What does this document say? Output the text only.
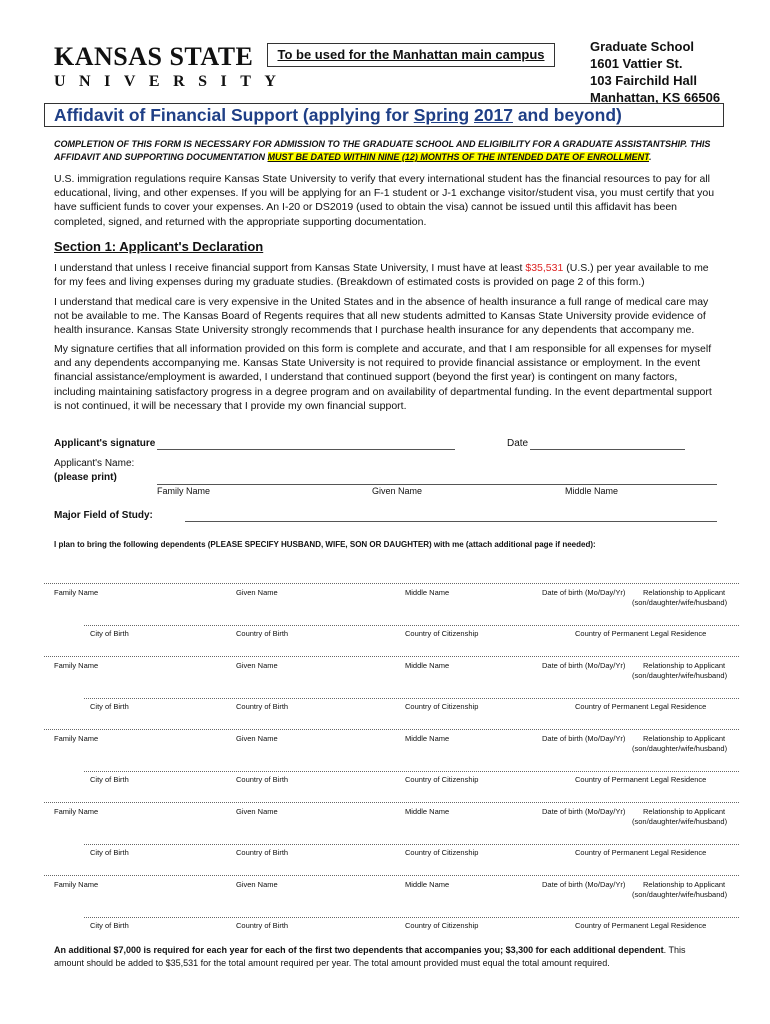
KANSAS STATE
UNIVERSITY
To be used for the Manhattan main campus
Graduate School
1601 Vattier St.
103 Fairchild Hall
Manhattan, KS 66506
Affidavit of Financial Support (applying for Spring 2017 and beyond)
COMPLETION OF THIS FORM IS NECESSARY FOR ADMISSION TO THE GRADUATE SCHOOL AND ELIGIBILITY FOR A GRADUATE ASSISTANTSHIP. THIS AFFIDAVIT AND SUPPORTING DOCUMENTATION MUST BE DATED WITHIN NINE (12) MONTHS OF THE INTENDED DATE OF ENROLLMENT.
U.S. immigration regulations require Kansas State University to verify that every international student has the financial resources to pay for all educational, living, and other expenses. If you will be applying for an F-1 student or J-1 exchange visitor/student visa, you must certify that you have sufficient funds to cover your expenses. An I-20 or DS2019 (used to obtain the visa) cannot be issued until this affidavit has been completed, signed, and returned with the appropriate supporting documentation.
Section 1: Applicant's Declaration
I understand that unless I receive financial support from Kansas State University, I must have at least $35,531 (U.S.) per year available to me for my fees and living expenses during my graduate studies. (Breakdown of estimated costs is provided on page 2 of this form.)
I understand that medical care is very expensive in the United States and in the absence of health insurance a full range of medical care may not be available to me. The Kansas Board of Regents requires that all new students admitted to Kansas State University provide evidence of health insurance. Kansas State University strongly recommends that I purchase health insurance for any dependents that accompany me.
My signature certifies that all information provided on this form is complete and accurate, and that I am responsible for all expenses for myself and any dependents accompanying me. Kansas State University is not required to provide financial assistance or employment. In the event financial assistance/employment is awarded, I understand that continued support (beyond the first year) is contingent on many factors, including maintaining satisfactory progress in a degree program and on availability of departmental funding. In the event departmental support is not continued, it will be necessary that I provide my own financial support.
Applicant's signature	Date
Applicant's Name:
(please print)
Family Name	Given Name	Middle Name
Major Field of Study:
I plan to bring the following dependents (PLEASE SPECIFY HUSBAND, WIFE, SON OR DAUGHTER) with me (attach additional page if needed):
Family Name	Given Name	Middle Name	Date of birth (Mo/Day/Yr) Relationship to Applicant
(son/daughter/wife/husband)
City of Birth	Country of Birth	Country of Citizenship	Country of Permanent Legal Residence
Family Name	Given Name	Middle Name	Date of birth (Mo/Day/Yr) Relationship to Applicant
(son/daughter/wife/husband)
City of Birth	Country of Birth	Country of Citizenship	Country of Permanent Legal Residence
Family Name	Given Name	Middle Name	Date of birth (Mo/Day/Yr) Relationship to Applicant
(son/daughter/wife/husband)
City of Birth	Country of Birth	Country of Citizenship	Country of Permanent Legal Residence
Family Name	Given Name	Middle Name	Date of birth (Mo/Day/Yr) Relationship to Applicant
(son/daughter/wife/husband)
City of Birth	Country of Birth	Country of Citizenship	Country of Permanent Legal Residence
Family Name	Given Name	Middle Name	Date of birth (Mo/Day/Yr) Relationship to Applicant
(son/daughter/wife/husband)
City of Birth	Country of Birth	Country of Citizenship	Country of Permanent Legal Residence
An additional $7,000 is required for each year for each of the first two dependents that accompanies you; $3,300 for each additional dependent. This amount should be added to $35,531 for the total amount required per year. The total amount provided must equal the total amount required.
